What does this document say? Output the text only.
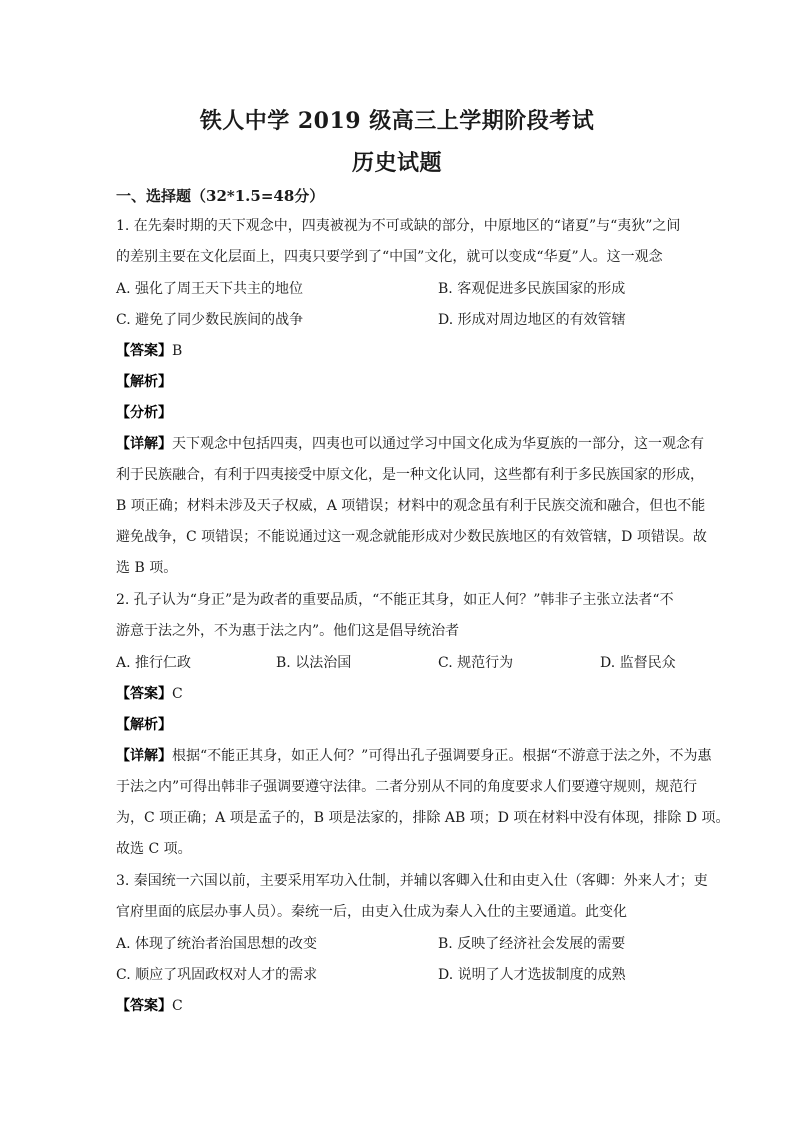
铁人中学 2019 级高三上学期阶段考试
历史试题
一、选择题（32*1.5=48分）
1. 在先秦时期的天下观念中，四夷被视为不可或缺的部分，中原地区的“诸夏”与“夷狄”之间
的差别主要在文化层面上，四夷只要学到了“中国”文化，就可以变成“华夏”人。这一观念
A. 强化了周王天下共主的地位	B. 客观促进多民族国家的形成
C. 避免了同少数民族间的战争	D. 形成对周边地区的有效管辖
【答案】B
【解析】
【分析】
【详解】天下观念中包括四夷，四夷也可以通过学习中国文化成为华夏族的一部分，这一观念有
利于民族融合，有利于四夷接受中原文化，是一种文化认同，这些都有利于多民族国家的形成，
B 项正确；材料未涉及天子权威，A 项错误；材料中的观念虽有利于民族交流和融合，但也不能
避免战争，C 项错误；不能说通过这一观念就能形成对少数民族地区的有效管辖，D 项错误。故
选 B 项。
2. 孔子认为“身正”是为政者的重要品质，“不能正其身，如正人何？”韩非子主张立法者“不
游意于法之外，不为惠于法之内”。他们这是倡导统治者
A. 推行仁政	B. 以法治国	C. 规范行为	D. 监督民众
【答案】C
【解析】
【详解】根据“不能正其身，如正人何？”可得出孔子强调要身正。根据“不游意于法之外，不为惠
于法之内”可得出韩非子强调要遵守法律。二者分别从不同的角度要求人们要遵守规则，规范行
为，C 项正确；A 项是孟子的，B 项是法家的，排除 AB 项；D 项在材料中没有体现，排除 D 项。
故选 C 项。
3. 秦国统一六国以前，主要采用军功入仕制，并辅以客卿入仕和由吏入仕（客卿：外来人才；吏
官府里面的底层办事人员）。秦统一后，由吏入仕成为秦人入仕的主要通道。此变化
A. 体现了统治者治国思想的改变	B. 反映了经济社会发展的需要
C. 顺应了巩固政权对人才的需求	D. 说明了人才选拔制度的成熟
【答案】C
